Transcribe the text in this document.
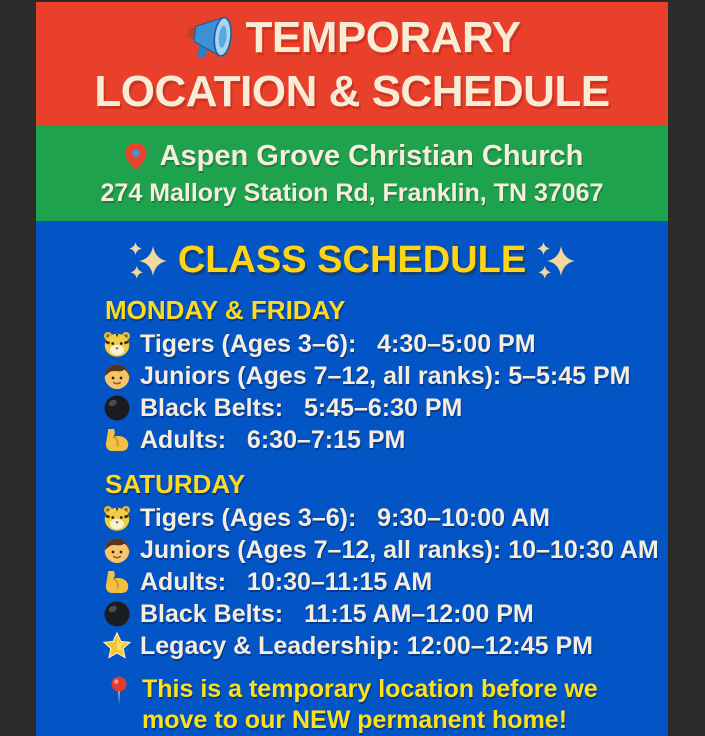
TEMPORARY
LOCATION & SCHEDULE
Aspen Grove Christian Church
274 Mallory Station Rd, Franklin, TN 37067
CLASS SCHEDULE
MONDAY & FRIDAY
Tigers (Ages 3–6):   4:30–5:00 PM
Juniors (Ages 7–12, all ranks): 5–5:45 PM
Black Belts:   5:45–6:30 PM
Adults:   6:30–7:15 PM
SATURDAY
Tigers (Ages 3–6):   9:30–10:00 AM
Juniors (Ages 7–12, all ranks): 10–10:30 AM
Adults:   10:30–11:15 AM
Black Belts:   11:15 AM–12:00 PM
Legacy & Leadership: 12:00–12:45 PM

This is a temporary location before we move to our NEW permanent home!
